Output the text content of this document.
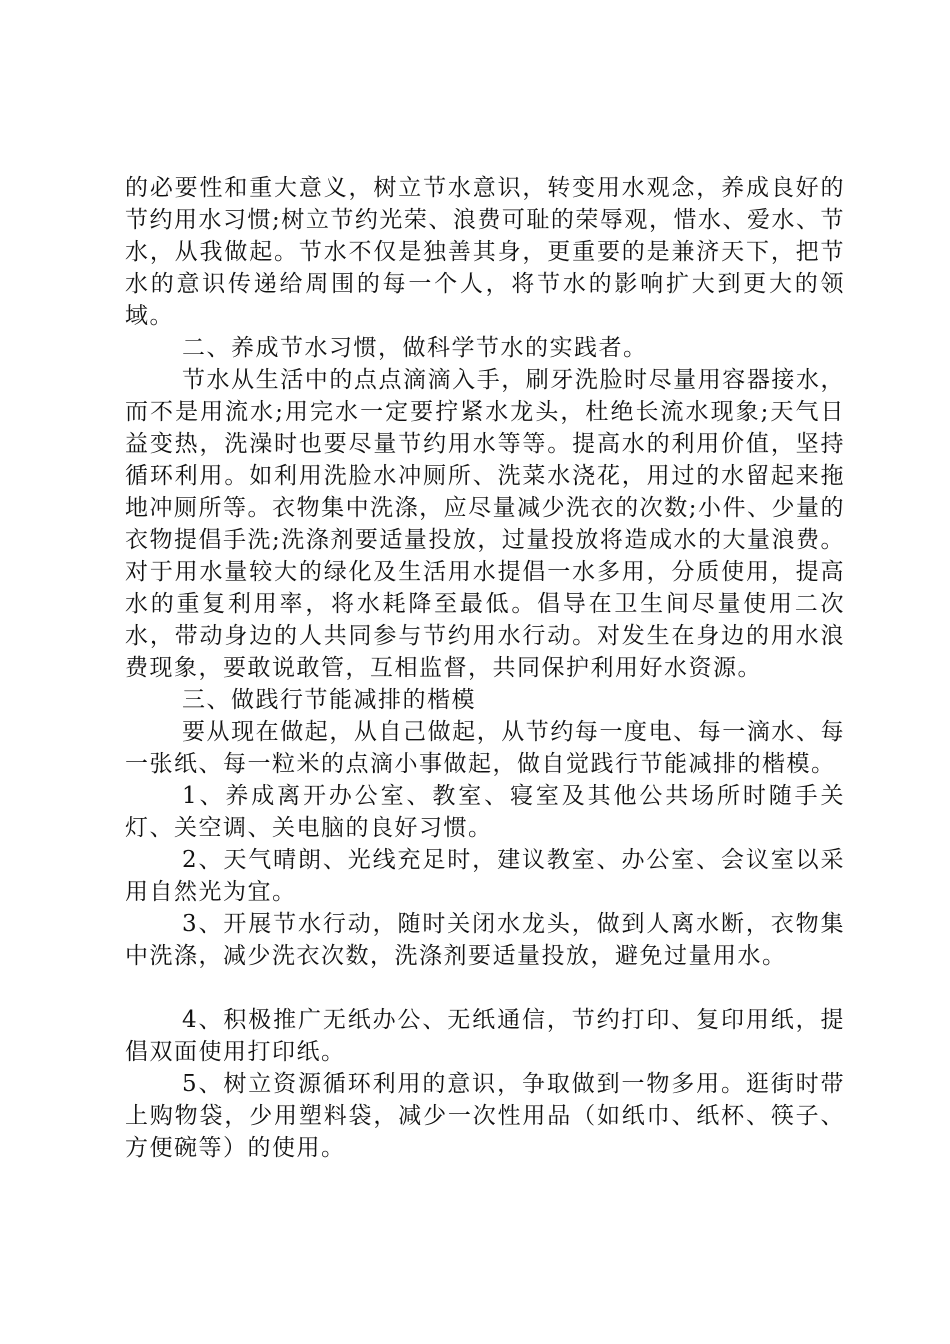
的必要性和重大意义，树立节水意识，转变用水观念，养成良好的节约用水习惯;树立节约光荣、浪费可耻的荣辱观，惜水、爱水、节水，从我做起。节水不仅是独善其身，更重要的是兼济天下，把节水的意识传递给周围的每一个人，将节水的影响扩大到更大的领域。

二、养成节水习惯，做科学节水的实践者。

节水从生活中的点点滴滴入手，刷牙洗脸时尽量用容器接水，而不是用流水;用完水一定要拧紧水龙头，杜绝长流水现象;天气日益变热，洗澡时也要尽量节约用水等等。提高水的利用价值，坚持循环利用。如利用洗脸水冲厕所、洗菜水浇花，用过的水留起来拖地冲厕所等。衣物集中洗涤，应尽量减少洗衣的次数;小件、少量的衣物提倡手洗;洗涤剂要适量投放，过量投放将造成水的大量浪费。对于用水量较大的绿化及生活用水提倡一水多用，分质使用，提高水的重复利用率，将水耗降至最低。倡导在卫生间尽量使用二次水，带动身边的人共同参与节约用水行动。对发生在身边的用水浪费现象，要敢说敢管，互相监督，共同保护利用好水资源。

三、做践行节能减排的楷模

要从现在做起，从自己做起，从节约每一度电、每一滴水、每一张纸、每一粒米的点滴小事做起，做自觉践行节能减排的楷模。

1、养成离开办公室、教室、寝室及其他公共场所时随手关灯、关空调、关电脑的良好习惯。

2、天气晴朗、光线充足时，建议教室、办公室、会议室以采用自然光为宜。

3、开展节水行动，随时关闭水龙头，做到人离水断，衣物集中洗涤，减少洗衣次数，洗涤剂要适量投放，避免过量用水。

4、积极推广无纸办公、无纸通信，节约打印、复印用纸，提倡双面使用打印纸。

5、树立资源循环利用的意识，争取做到一物多用。逛街时带上购物袋，少用塑料袋，减少一次性用品（如纸巾、纸杯、筷子、方便碗等）的使用。
